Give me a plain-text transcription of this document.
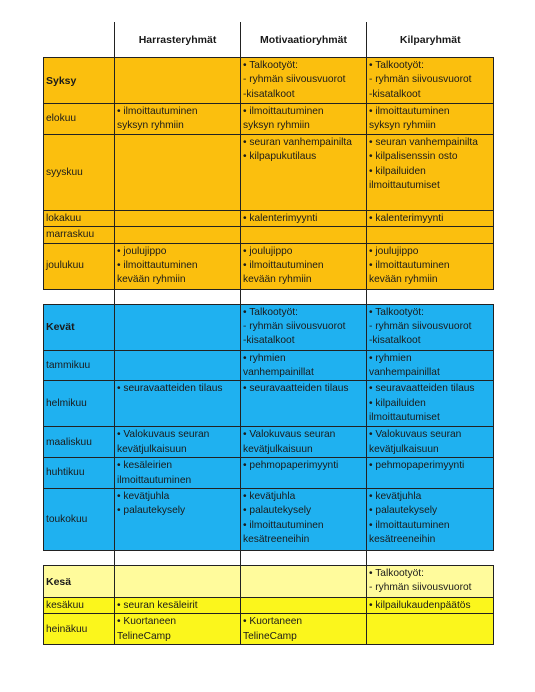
	Harrasteryhmät	Motivaatioryhmät	Kilparyhmät
Syksy		• Talkootyöt:
- ryhmän siivousvuorot
-kisatalkoot	• Talkootyöt:
- ryhmän siivousvuorot
-kisatalkoot

elokuu	• ilmoittautuminen
syksyn ryhmiin	• ilmoittautuminen
syksyn ryhmiin	• ilmoittautuminen
syksyn ryhmiin

syyskuu		• seuran vanhempainilta
• kilpapukutilaus	• seuran vanhempainilta
• kilpalisenssin osto
• kilpailuiden
ilmoittautumiset

lokakuu		• kalenterimyynti	• kalenterimyynti

marraskuu			
joulukuu	• joulujippo
• ilmoittautuminen
kevään ryhmiin	• joulujippo
• ilmoittautuminen
kevään ryhmiin	• joulujippo
• ilmoittautuminen
kevään ryhmiin

Kevät		• Talkootyöt:
- ryhmän siivousvuorot
-kisatalkoot	• Talkootyöt:
- ryhmän siivousvuorot
-kisatalkoot

tammikuu		• ryhmien
vanhempainillat	• ryhmien
vanhempainillat

helmikuu	• seuravaatteiden tilaus	• seuravaatteiden tilaus	• seuravaatteiden tilaus
• kilpailuiden
ilmoittautumiset

maaliskuu	• Valokuvaus seuran
kevätjulkaisuun	• Valokuvaus seuran
kevätjulkaisuun	• Valokuvaus seuran
kevätjulkaisuun

huhtikuu	• kesäleirien
ilmoittautuminen	• pehmopaperimyynti	• pehmopaperimyynti

toukokuu	• kevätjuhla
• palautekysely	• kevätjuhla
• palautekysely
• ilmoittautuminen
kesätreeneihin	• kevätjuhla
• palautekysely
• ilmoittautuminen
kesätreeneihin

Kesä			• Talkootyöt:
- ryhmän siivousvuorot

kesäkuu	• seuran kesäleirit		• kilpailukaudenpäätös

heinäkuu	• Kuortaneen
TelineCamp	• Kuortaneen
TelineCamp	
